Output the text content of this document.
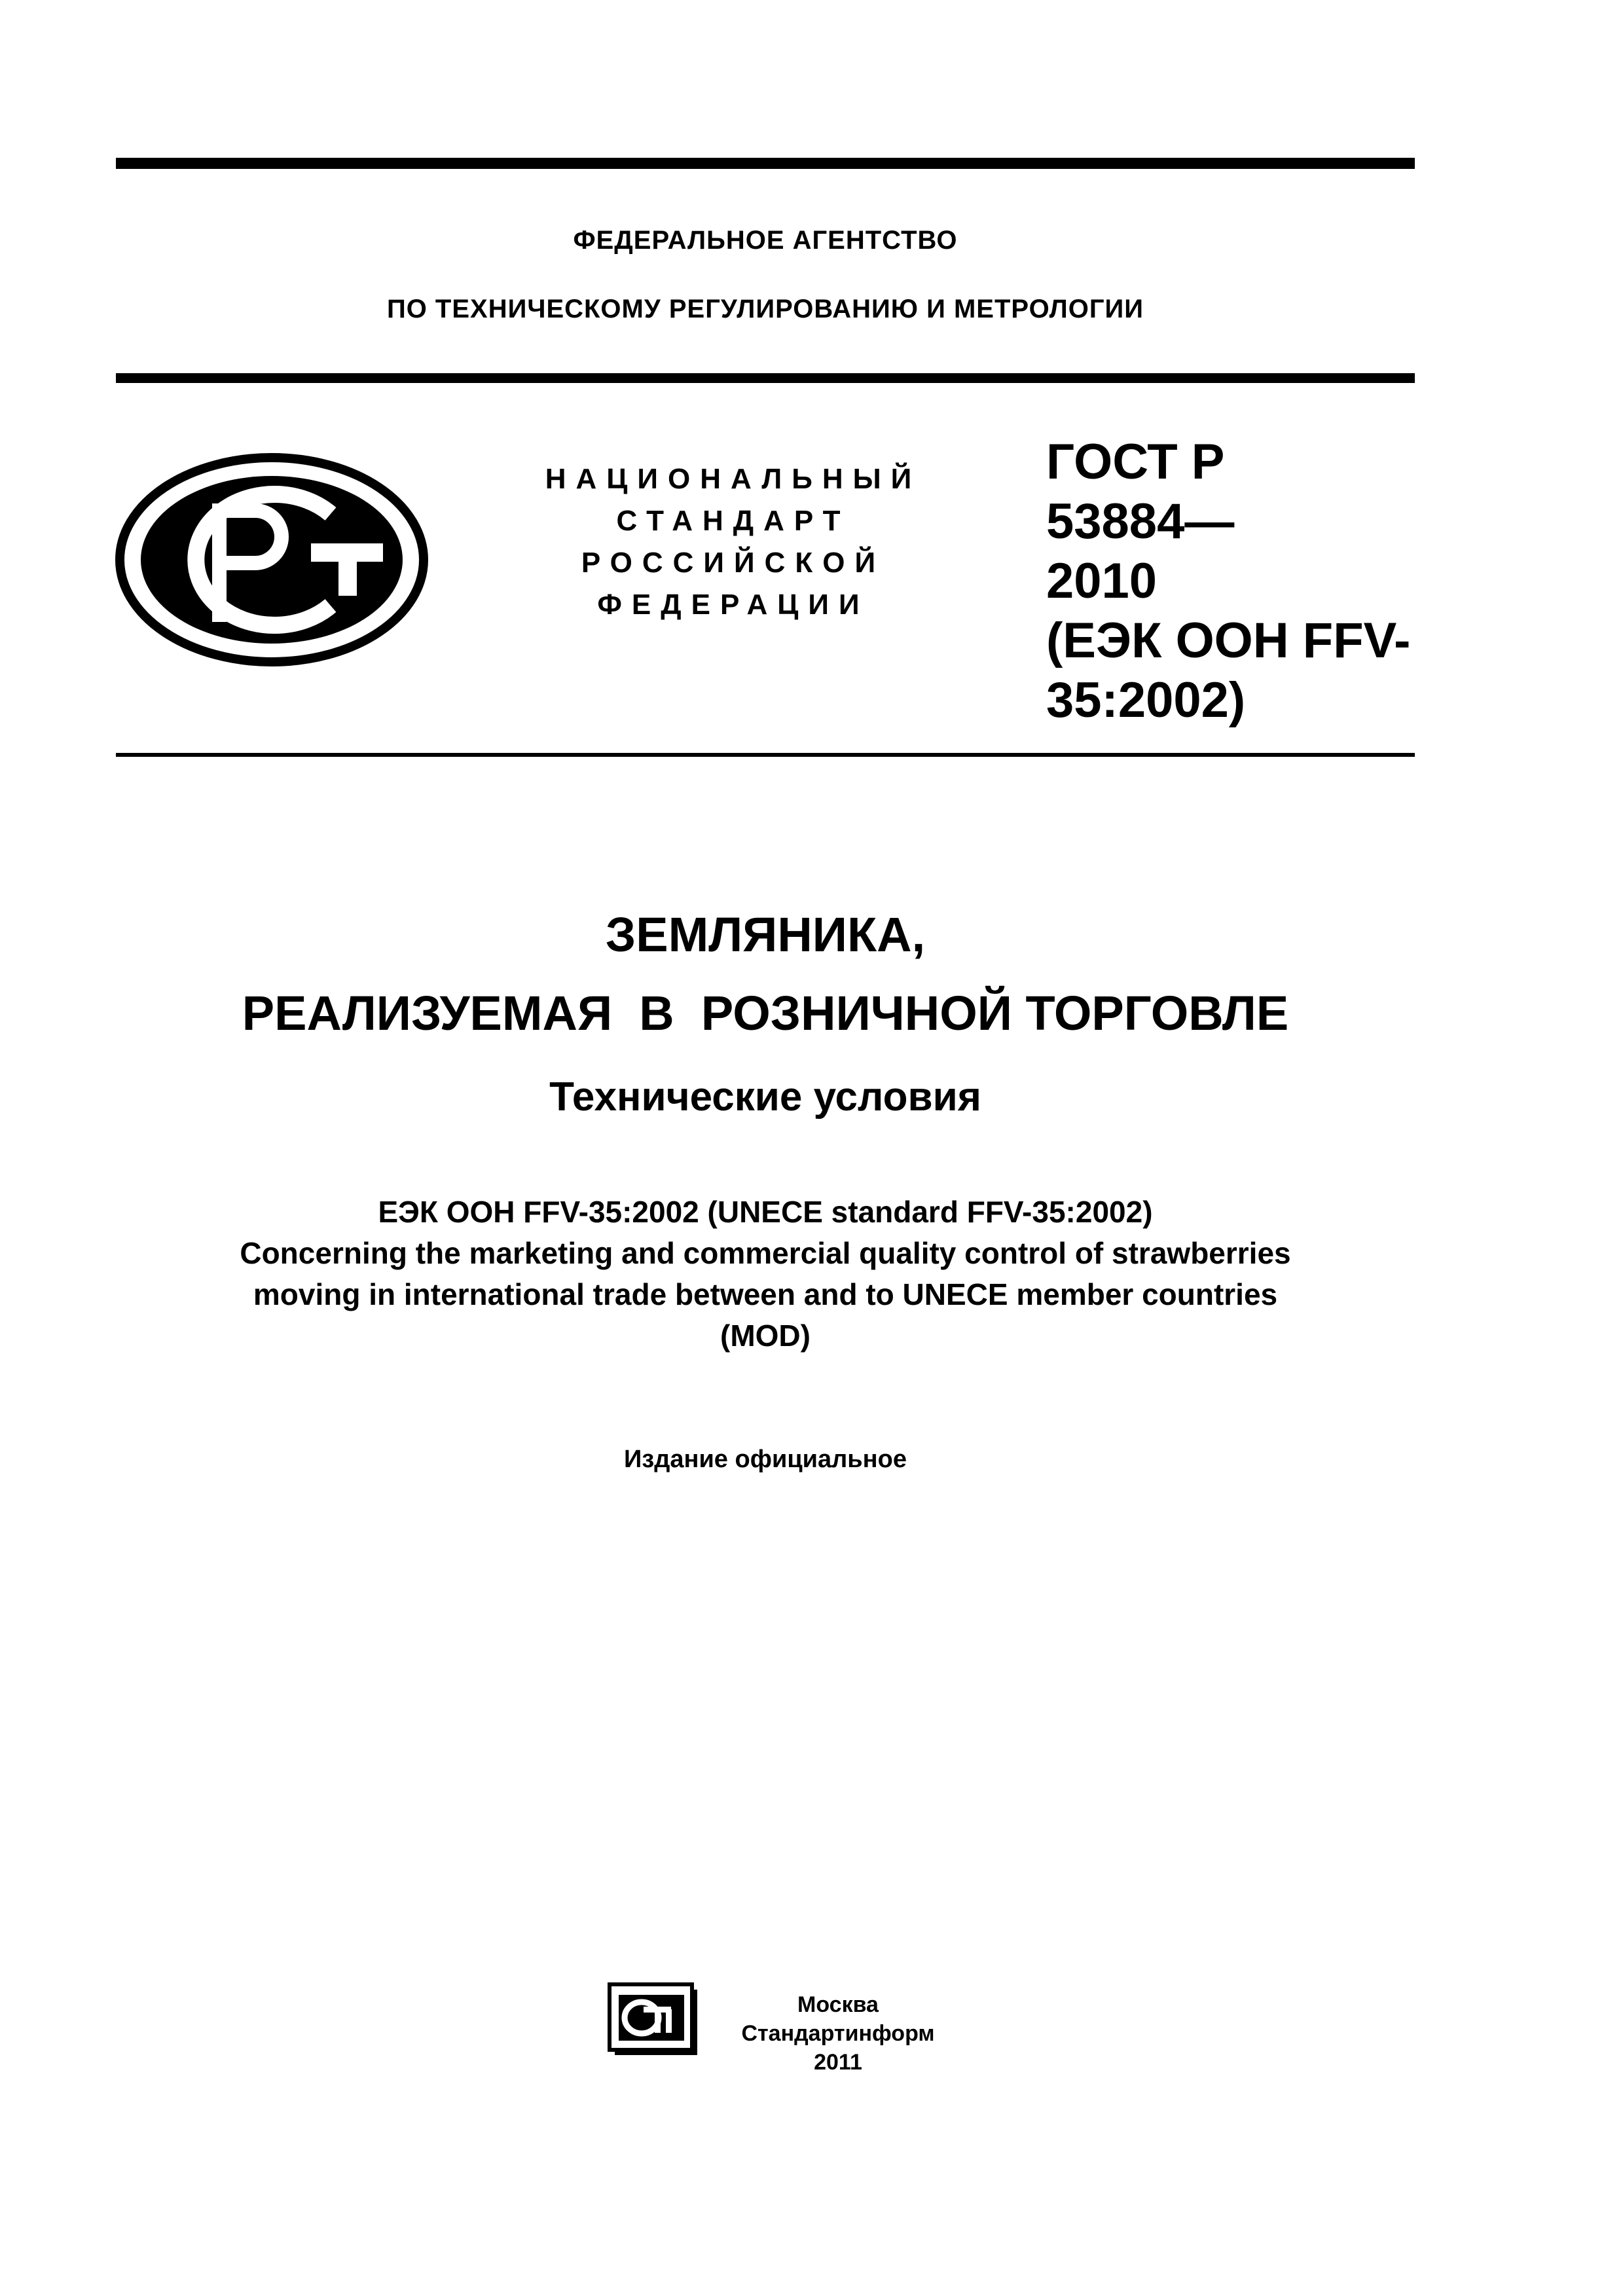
ФЕДЕРАЛЬНОЕ АГЕНТСТВО
ПО ТЕХНИЧЕСКОМУ РЕГУЛИРОВАНИЮ И МЕТРОЛОГИИ
НАЦИОНАЛЬНЫЙ
СТАНДАРТ
РОССИЙСКОЙ
ФЕДЕРАЦИИ
ГОСТ Р
53884—
2010
(ЕЭК ООН FFV-
35:2002)
ЗЕМЛЯНИКА,
РЕАЛИЗУЕМАЯ  В  РОЗНИЧНОЙ ТОРГОВЛЕ
Технические условия
ЕЭК ООН FFV-35:2002 (UNECE standard FFV-35:2002)
Concerning the marketing and commercial quality control of strawberries
moving in international trade between and to UNECE member countries
(MOD)
Издание официальное
Москва
Стандартинформ
2011
